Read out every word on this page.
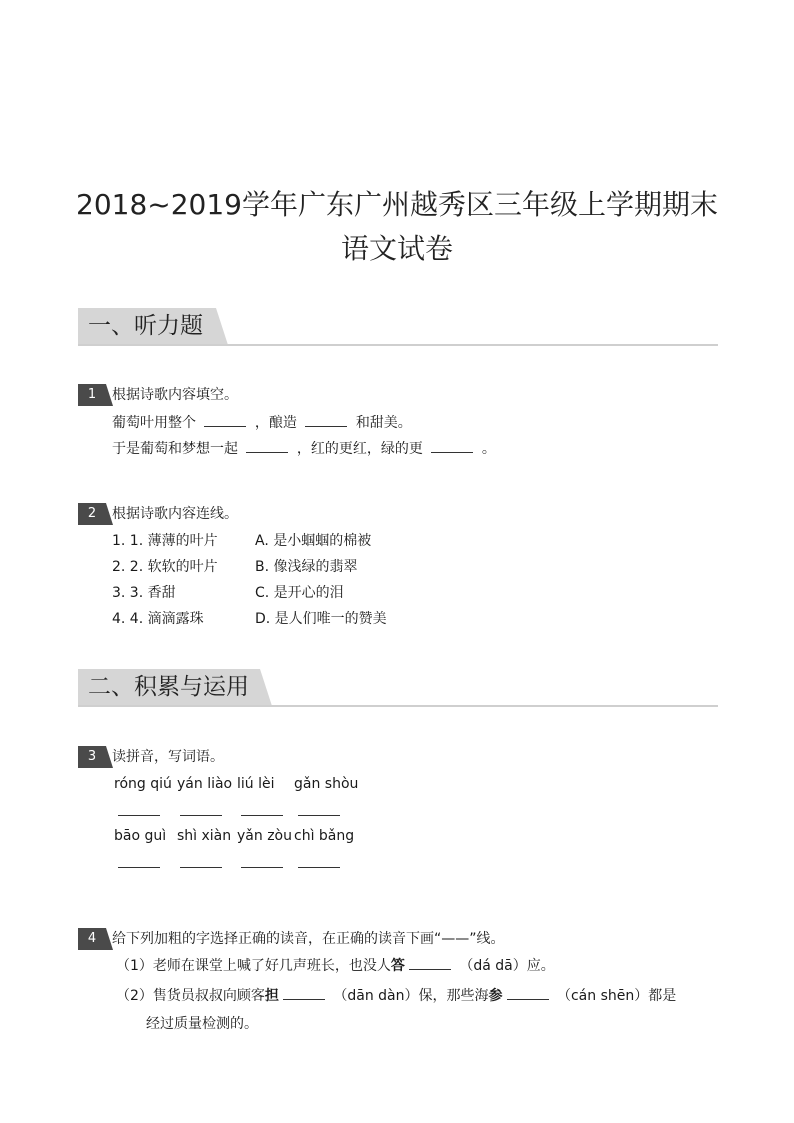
2018~2019学年广东广州越秀区三年级上学期期末
语文试卷
一、听力题
1	根据诗歌内容填空。
葡萄叶用整个	，酿造	和甜美。
于是葡萄和梦想一起	，红的更红，绿的更	。
2	根据诗歌内容连线。
1. 1. 薄薄的叶片	A. 是小蝈蝈的棉被
2. 2. 软软的叶片	B. 像浅绿的翡翠
3. 3. 香甜	C. 是开心的泪
4. 4. 滴滴露珠	D. 是人们唯一的赞美
二、积累与运用
3	读拼音，写词语。
róng qiú yán liào liú lèi gǎn shòu
bāo guì shì xiàn yǎn zòu chì bǎng
4	给下列加粗的字选择正确的读音，在正确的读音下画“——”线。
（1）老师在课堂上喊了好几声班长，也没人答	（dá dā）应。
（2）售货员叔叔向顾客担	（dān dàn）保，那些海参	（cán shēn）都是
经过质量检测的。
